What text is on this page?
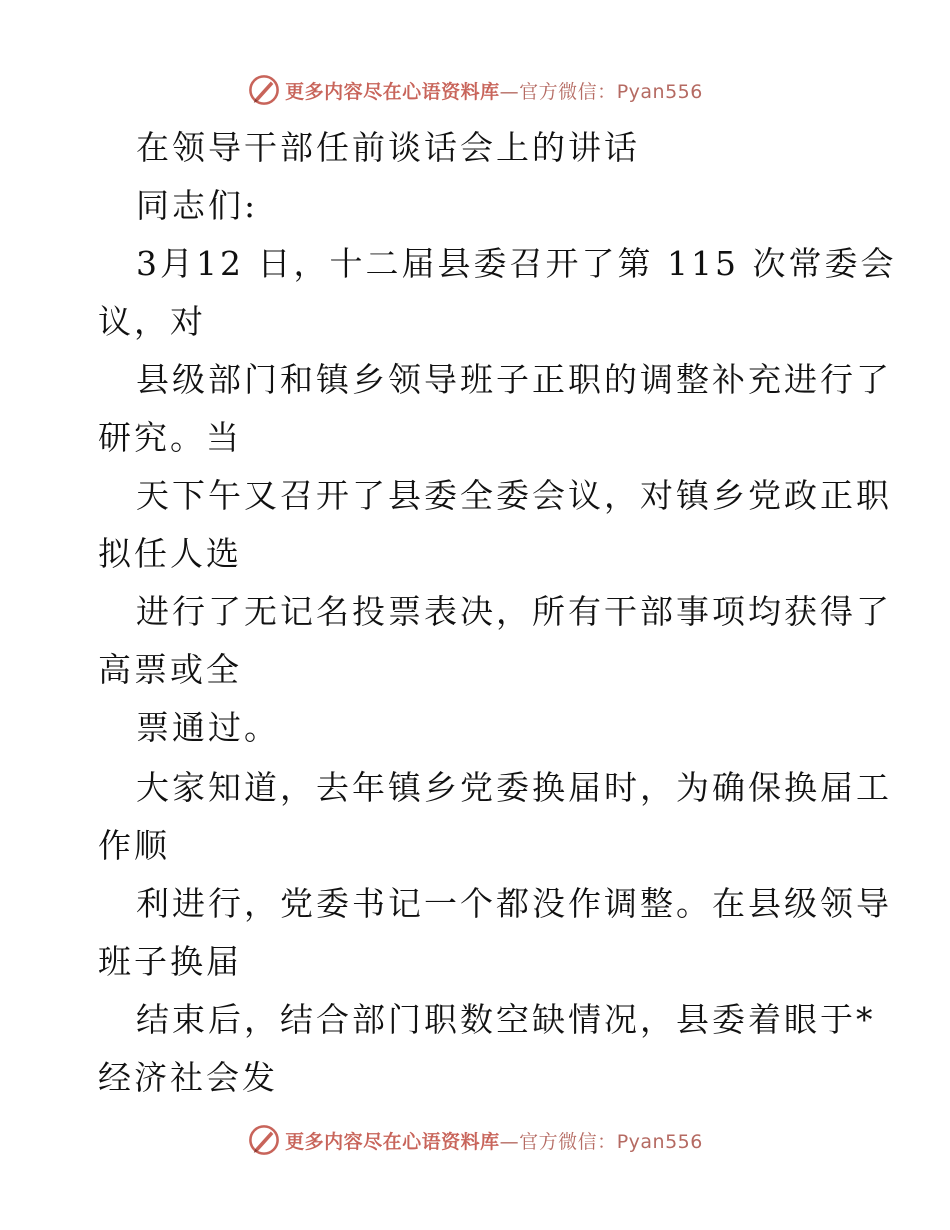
更多内容尽在心语资料库—官方微信：Pyan556
在领导干部任前谈话会上的讲话
同志们:
3月12 日，十二届县委召开了第 115 次常委会
议，对
县级部门和镇乡领导班子正职的调整补充进行了
研究。当
天下午又召开了县委全委会议，对镇乡党政正职
拟任人选
进行了无记名投票表决，所有干部事项均获得了
高票或全
票通过。
大家知道，去年镇乡党委换届时，为确保换届工
作顺
利进行，党委书记一个都没作调整。在县级领导
班子换届
结束后，结合部门职数空缺情况，县委着眼于*
经济社会发
更多内容尽在心语资料库—官方微信：Pyan556
